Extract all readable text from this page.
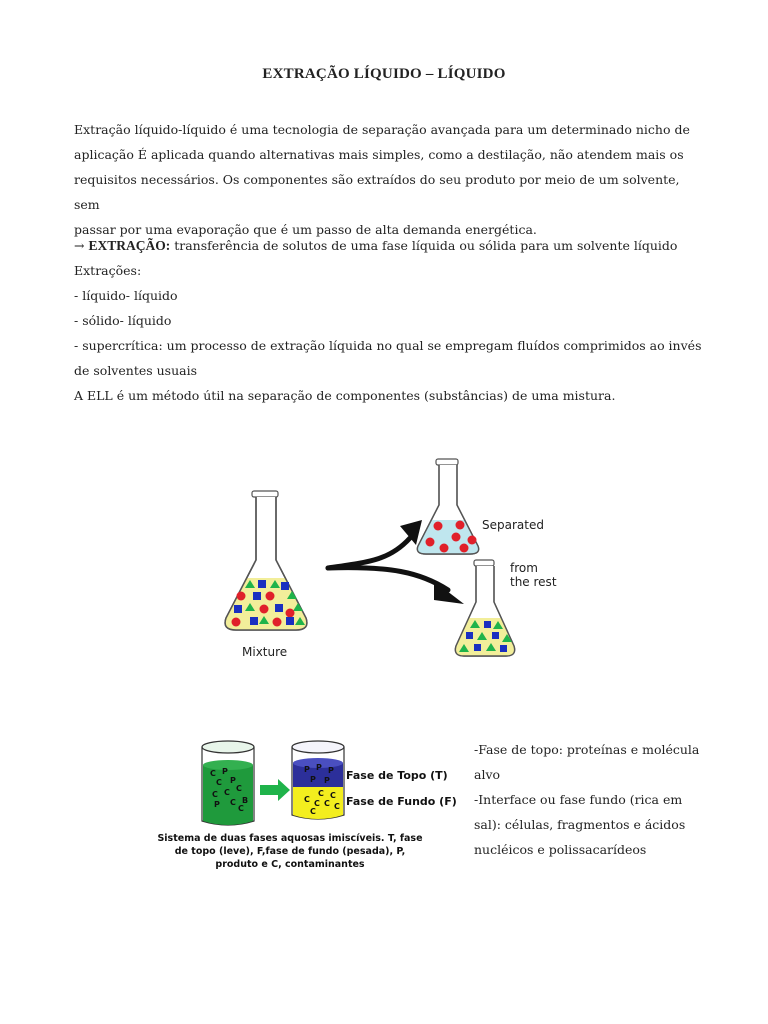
EXTRAÇÃO LÍQUIDO – LÍQUIDO
Extração líquido-líquido é uma tecnologia de separação avançada para um determinado nicho de
aplicação É aplicada quando alternativas mais simples, como a destilação, não atendem mais os
requisitos necessários. Os componentes são extraídos do seu produto por meio de um solvente, sem
passar por uma evaporação que é um passo de alta demanda energética.
→ EXTRAÇÃO: transferência de solutos de uma fase líquida ou sólida para um solvente líquido
Extrações:
- líquido- líquido
- sólido- líquido
- supercrítica: um processo de extração líquida no qual se empregam fluídos comprimidos ao invés
de solventes usuais
A ELL é um método útil na separação de componentes (substâncias) de uma mistura.
Mixture
Separated
from
the rest
C P
C P
C
C C
P C
C
B
P P P
P P
C C
C C C C
C
Fase de Topo (T)
Fase de Fundo (F)
Sistema de duas fases aquosas imiscíveis. T, fase
de topo (leve), F,fase de fundo (pesada), P,
produto e C, contaminantes
-Fase de topo: proteínas e molécula
alvo
-Interface ou fase fundo (rica em
sal): células, fragmentos e ácidos
nucléicos e polissacarídeos
